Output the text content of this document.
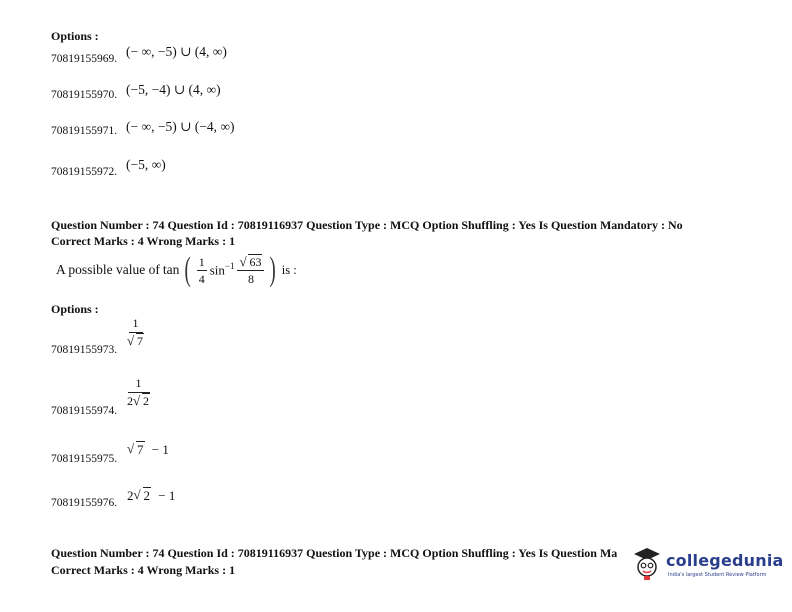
Options :
70819155969. (− ∞, −5) ∪ (4, ∞)
70819155970. (−5, −4) ∪ (4, ∞)
70819155971. (− ∞, −5) ∪ (−4, ∞)
70819155972. (−5, ∞)
Question Number : 74 Question Id : 70819116937 Question Type : MCQ Option Shuffling : Yes Is Question Mandatory : No
Correct Marks : 4 Wrong Marks : 1
A possible value of tan ( $\frac{1}{4} \sin^{-1}$ √ $\frac{63}{8}$ ) is :
Options :
70819155973.
1
√ 7
70819155974.
$\frac{1}{2 √ 2}$
70819155975.
√ 7 − 1
70819155976. 2 √ 2 − 1
Question Number : 74 Question Id : 70819116937 Question Type : MCQ Option Shuffling : Yes Is Question Ma
Correct Marks : 4 Wrong Marks : 1	collegedunia
India's largest Student Review Platform
